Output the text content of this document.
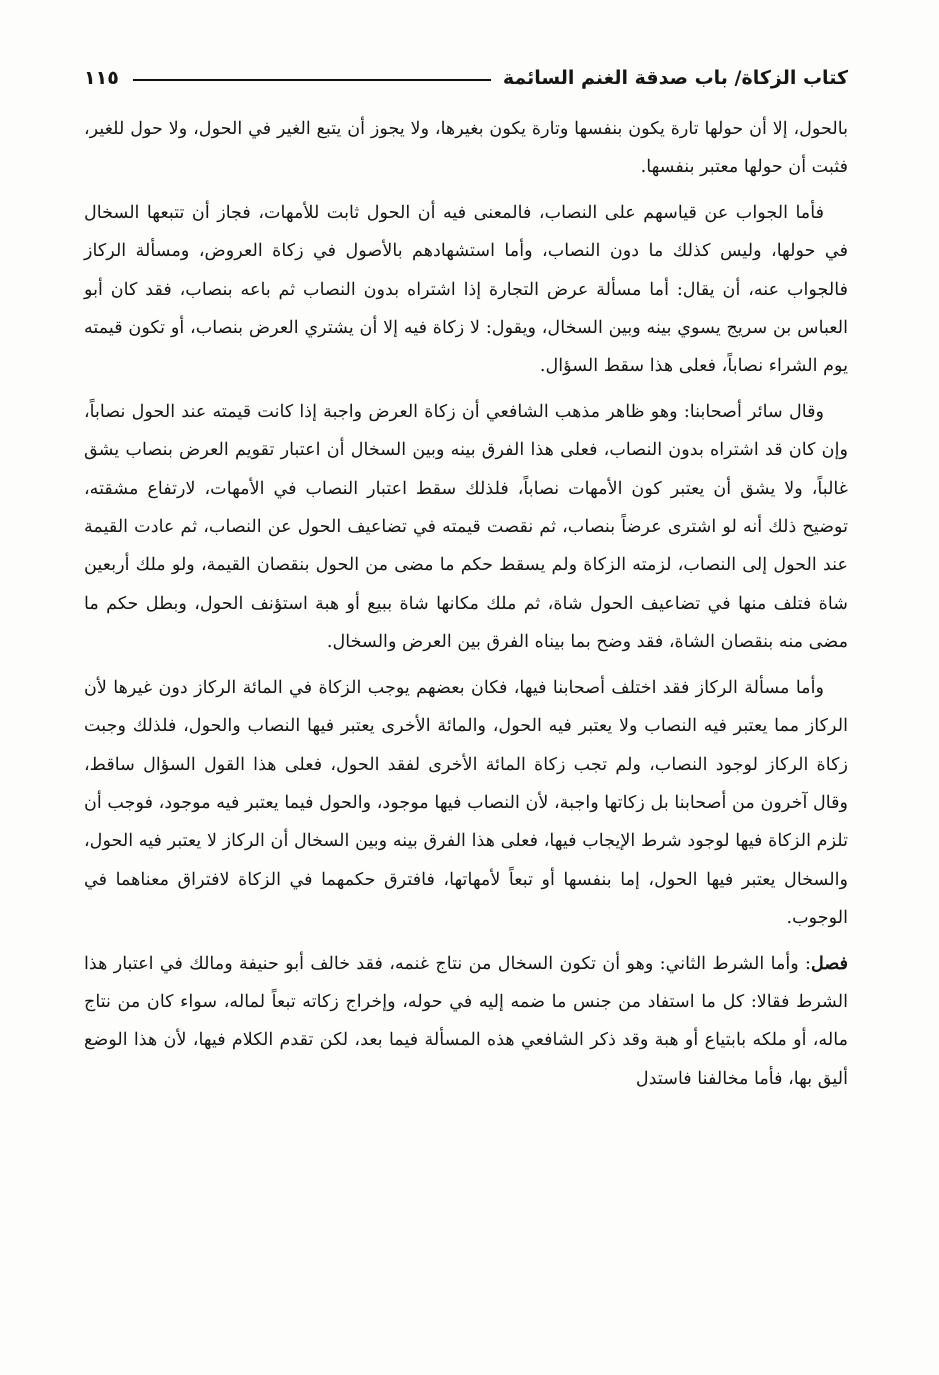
كتاب الزكاة/ باب صدقة الغنم السائمة
١١٥

بالحول، إلا أن حولها تارة يكون بنفسها وتارة يكون بغيرها، ولا يجوز أن يتبع الغير في الحول، ولا حول للغير، فثبت أن حولها معتبر بنفسها.

فأما الجواب عن قياسهم على النصاب، فالمعنى فيه أن الحول ثابت للأمهات، فجاز أن تتبعها السخال في حولها، وليس كذلك ما دون النصاب، وأما استشهادهم بالأصول في زكاة العروض، ومسألة الركاز فالجواب عنه، أن يقال: أما مسألة عرض التجارة إذا اشتراه بدون النصاب ثم باعه بنصاب، فقد كان أبو العباس بن سريج يسوي بينه وبين السخال، ويقول: لا زكاة فيه إلا أن يشتري العرض بنصاب، أو تكون قيمته يوم الشراء نصاباً، فعلى هذا سقط السؤال.

وقال سائر أصحابنا: وهو ظاهر مذهب الشافعي أن زكاة العرض واجبة إذا كانت قيمته عند الحول نصاباً، وإن كان قد اشتراه بدون النصاب، فعلى هذا الفرق بينه وبين السخال أن اعتبار تقويم العرض بنصاب يشق غالباً، ولا يشق أن يعتبر كون الأمهات نصاباً، فلذلك سقط اعتبار النصاب في الأمهات، لارتفاع مشقته، توضيح ذلك أنه لو اشترى عرضاً بنصاب، ثم نقصت قيمته في تضاعيف الحول عن النصاب، ثم عادت القيمة عند الحول إلى النصاب، لزمته الزكاة ولم يسقط حكم ما مضى من الحول بنقصان القيمة، ولو ملك أربعين شاة فتلف منها في تضاعيف الحول شاة، ثم ملك مكانها شاة ببيع أو هبة استؤنف الحول، وبطل حكم ما مضى منه بنقصان الشاة، فقد وضح بما بيناه الفرق بين العرض والسخال.

وأما مسألة الركاز فقد اختلف أصحابنا فيها، فكان بعضهم يوجب الزكاة في المائة الركاز دون غيرها لأن الركاز مما يعتبر فيه النصاب ولا يعتبر فيه الحول، والمائة الأخرى يعتبر فيها النصاب والحول، فلذلك وجبت زكاة الركاز لوجود النصاب، ولم تجب زكاة المائة الأخرى لفقد الحول، فعلى هذا القول السؤال ساقط، وقال آخرون من أصحابنا بل زكاتها واجبة، لأن النصاب فيها موجود، والحول فيما يعتبر فيه موجود، فوجب أن تلزم الزكاة فيها لوجود شرط الإيجاب فيها، فعلى هذا الفرق بينه وبين السخال أن الركاز لا يعتبر فيه الحول، والسخال يعتبر فيها الحول، إما بنفسها أو تبعاً لأمهاتها، فافترق حكمهما في الزكاة لافتراق معناهما في الوجوب.

فصل: وأما الشرط الثاني: وهو أن تكون السخال من نتاج غنمه، فقد خالف أبو حنيفة ومالك في اعتبار هذا الشرط فقالا: كل ما استفاد من جنس ما ضمه إليه في حوله، وإخراج زكاته تبعاً لماله، سواء كان من نتاج ماله، أو ملكه بابتياع أو هبة وقد ذكر الشافعي هذه المسألة فيما بعد، لكن تقدم الكلام فيها، لأن هذا الوضع أليق بها، فأما مخالفنا فاستدل
